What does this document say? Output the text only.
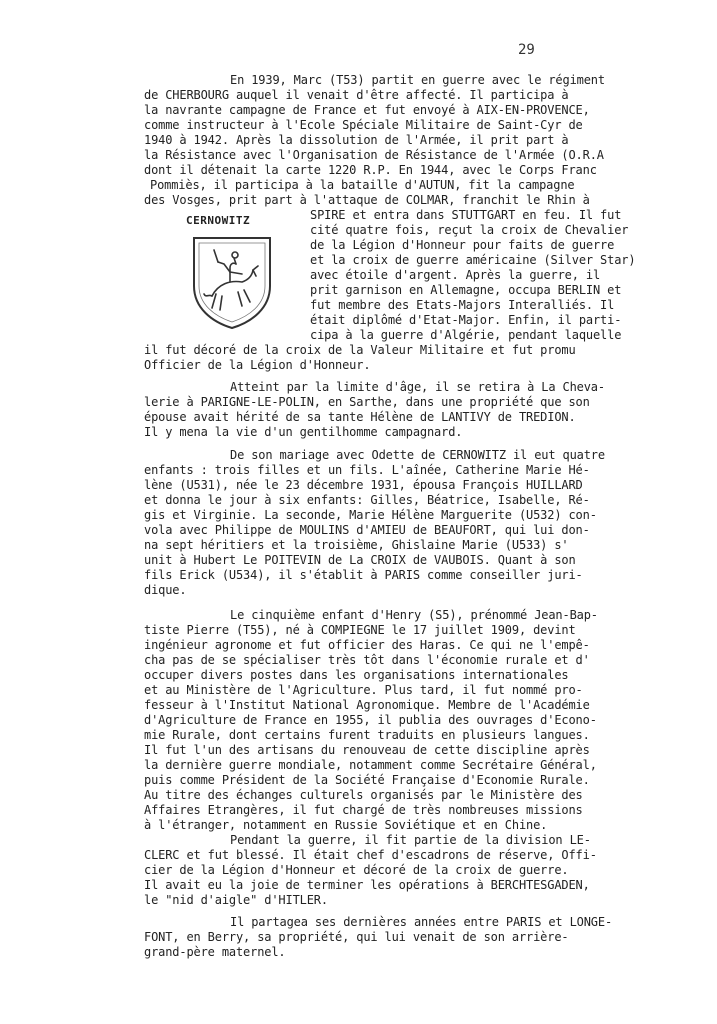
29
CERNOWITZ
En 1939, Marc (T53) partit en guerre avec le régiment
de CHERBOURG auquel il venait d'être affecté. Il participa à
la navrante campagne de France et fut envoyé à AIX-EN-PROVENCE,
comme instructeur à l'Ecole Spéciale Militaire de Saint-Cyr de
1940 à 1942. Après la dissolution de l'Armée, il prit part à
la Résistance avec l'Organisation de Résistance de l'Armée (O.R.A
dont il détenait la carte 1220 R.P. En 1944, avec le Corps Franc
Pommiès, il participa à la bataille d'AUTUN, fit la campagne
des Vosges, prit part à l'attaque de COLMAR, franchit le Rhin à
SPIRE et entra dans STUTTGART en feu. Il fut
cité quatre fois, reçut la croix de Chevalier
de la Légion d'Honneur pour faits de guerre
et la croix de guerre américaine (Silver Star)
avec étoile d'argent. Après la guerre, il
prit garnison en Allemagne, occupa BERLIN et
fut membre des Etats-Majors Interalliés. Il
était diplômé d'Etat-Major. Enfin, il parti-
cipa à la guerre d'Algérie, pendant laquelle
il fut décoré de la croix de la Valeur Militaire et fut promu
Officier de la Légion d'Honneur.
Atteint par la limite d'âge, il se retira à La Cheva-
lerie à PARIGNE-LE-POLIN, en Sarthe, dans une propriété que son
épouse avait hérité de sa tante Hélène de LANTIVY de TREDION.
Il y mena la vie d'un gentilhomme campagnard.
De son mariage avec Odette de CERNOWITZ il eut quatre
enfants : trois filles et un fils. L'aînée, Catherine Marie Hé-
lène (U531), née le 23 décembre 1931, épousa François HUILLARD
et donna le jour à six enfants: Gilles, Béatrice, Isabelle, Ré-
gis et Virginie. La seconde, Marie Hélène Marguerite (U532) con-
vola avec Philippe de MOULINS d'AMIEU de BEAUFORT, qui lui don-
na sept héritiers et la troisième, Ghislaine Marie (U533) s'
unit à Hubert Le POITEVIN de La CROIX de VAUBOIS. Quant à son
fils Erick (U534), il s'établit à PARIS comme conseiller juri-
dique.
Le cinquième enfant d'Henry (S5), prénommé Jean-Bap-
tiste Pierre (T55), né à COMPIEGNE le 17 juillet 1909, devint
ingénieur agronome et fut officier des Haras. Ce qui ne l'empê-
cha pas de se spécialiser très tôt dans l'économie rurale et d'
occuper divers postes dans les organisations internationales
et au Ministère de l'Agriculture. Plus tard, il fut nommé pro-
fesseur à l'Institut National Agronomique. Membre de l'Académie
d'Agriculture de France en 1955, il publia des ouvrages d'Econo-
mie Rurale, dont certains furent traduits en plusieurs langues.
Il fut l'un des artisans du renouveau de cette discipline après
la dernière guerre mondiale, notamment comme Secrétaire Général,
puis comme Président de la Société Française d'Economie Rurale.
Au titre des échanges culturels organisés par le Ministère des
Affaires Etrangères, il fut chargé de très nombreuses missions
à l'étranger, notamment en Russie Soviétique et en Chine.
Pendant la guerre, il fit partie de la division LE-
CLERC et fut blessé. Il était chef d'escadrons de réserve, Offi-
cier de la Légion d'Honneur et décoré de la croix de guerre.
Il avait eu la joie de terminer les opérations à BERCHTESGADEN,
le "nid d'aigle" d'HITLER.
Il partagea ses dernières années entre PARIS et LONGE-
FONT, en Berry, sa propriété, qui lui venait de son arrière-
grand-père maternel.
